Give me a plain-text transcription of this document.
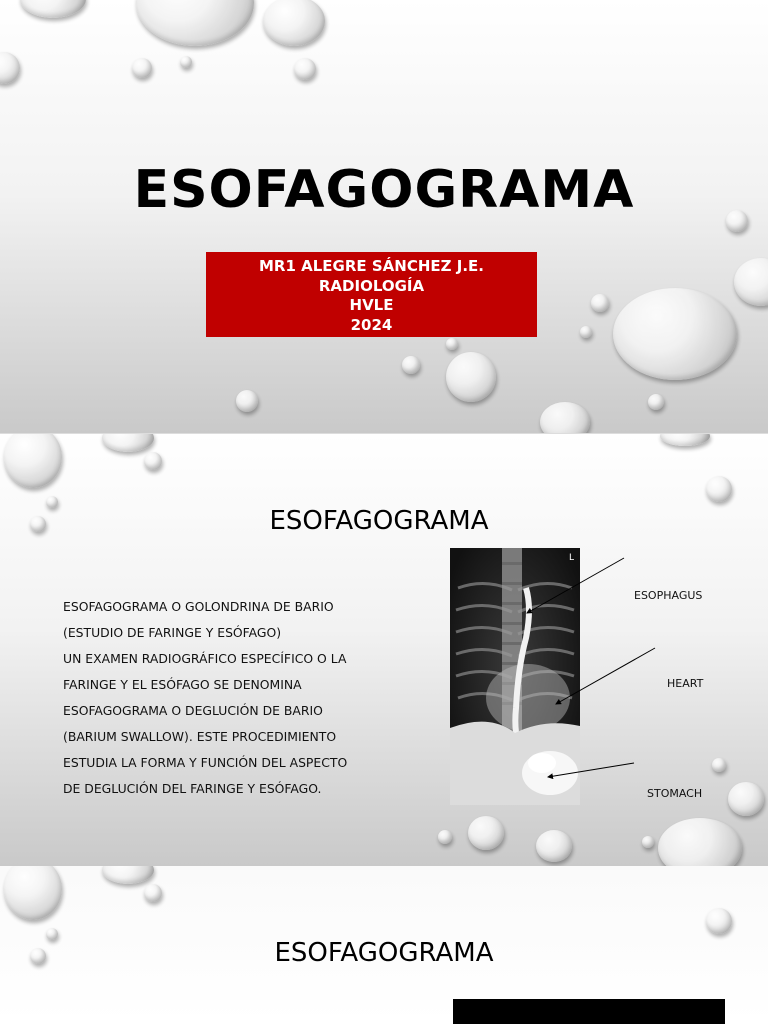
ESOFAGOGRAMA
MR1 ALEGRE SÁNCHEZ J.E.
RADIOLOGÍA
HVLE
2024
ESOFAGOGRAMA
ESOFAGOGRAMA O GOLONDRINA DE BARIO
(ESTUDIO DE FARINGE Y ESÓFAGO)
UN EXAMEN RADIOGRÁFICO ESPECÍFICO O LA
FARINGE Y EL ESÓFAGO SE DENOMINA
ESOFAGOGRAMA O DEGLUCIÓN DE BARIO
(BARIUM SWALLOW). ESTE PROCEDIMIENTO
ESTUDIA LA FORMA Y FUNCIÓN DEL ASPECTO
DE DEGLUCIÓN DEL FARINGE Y ESÓFAGO.
L
ESOPHAGUS
HEART
STOMACH
ESOFAGOGRAMA
